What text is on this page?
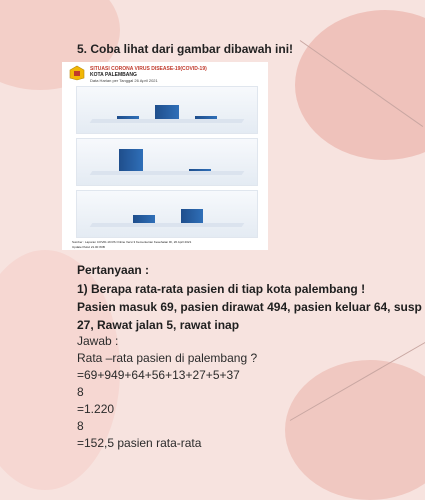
5. Coba lihat dari gambar dibawah ini!
SITUASI CORONA VIRUS DISEASE-19(COVID-19)
KOTA PALEMBANG
Data Harian per Tanggal 26 April 2021
Sumber : Laporan COVID-19 RS Online Versi 3 Kementerian Kesehatan RI, 26 April 2021
Update Pukul 21.00 WIB
Pertanyaan :
1) Berapa rata-rata pasien di tiap kota palembang !
Pasien masuk 69, pasien dirawat 494, pasien keluar 64, susp
27, Rawat jalan 5, rawat inap
Jawab :
Rata –rata pasien di palembang ?
=69+949+64+56+13+27+5+37
8
=1.220
8
=152,5 pasien rata-rata
